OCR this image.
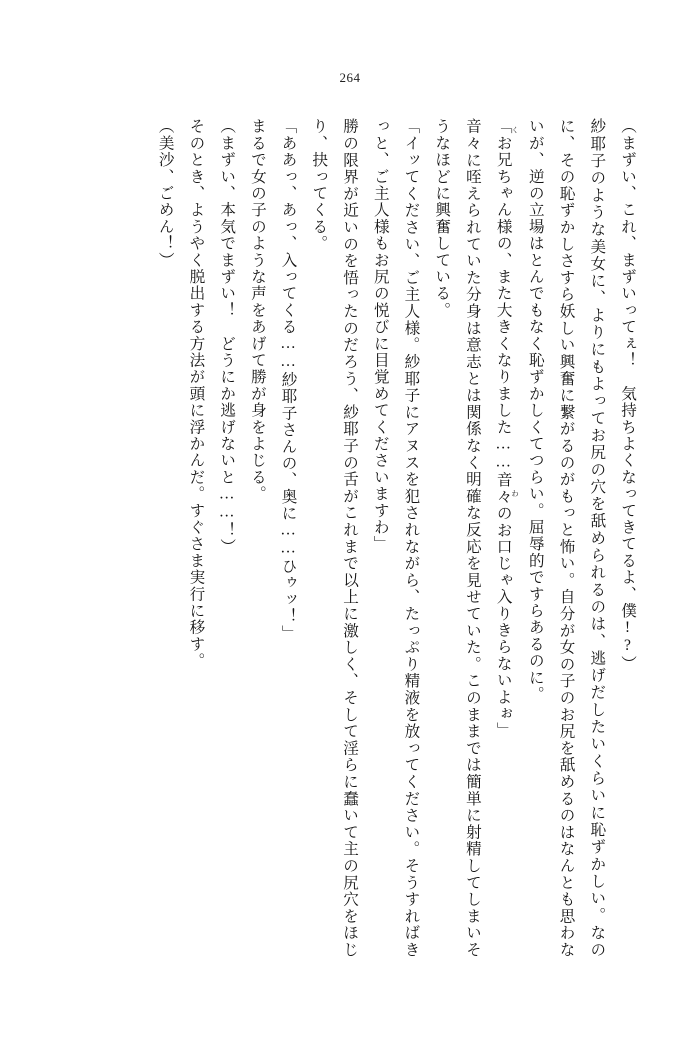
264

（まずい、これ、まずいってぇ！　気持ちよくなってきてるよ、僕!?）

紗耶子のような美女に、よりにもよってお尻の穴を舐められるのは、逃げだしたいくらいに恥ずかしい。なのに、その恥ずかしさすら妖しい興奮に繋がるのがもっと怖い。自分が女の子のお尻を舐めるのはなんとも思わないが、逆の立場はとんでもなく恥ずかしくてつらい。屈辱的ですらあるのに。

「お兄ちゃん様の、また大きくなりました……音々 くわのお口じゃ入りきらないよぉ」

音々に咥えられていた分身は意志とは関係なく明確な反応を見せていた。このままでは簡単に射精してしまいそうなほどに興奮している。

「イッてください、ご主人様。紗耶子にアヌスを犯されながら、たっぷり精液を放ってください。そうすればきっと、ご主人様もお尻の悦びに目覚めてくださいますわ」

勝の限界が近いのを悟ったのだろう、紗耶子の舌がこれまで以上に激しく、そして淫らに蠢いて主の尻穴をほじり、抉ってくる。

「ああっ、あっ、入ってくる……紗耶子さんの、奥に……ひゥッ！」

まるで女の子のような声をあげて勝が身をよじる。

（まずい、本気でまずい！　どうにか逃げないと……！）

そのとき、ようやく脱出する方法が頭に浮かんだ。すぐさま実行に移す。

（美沙、ごめん！）
